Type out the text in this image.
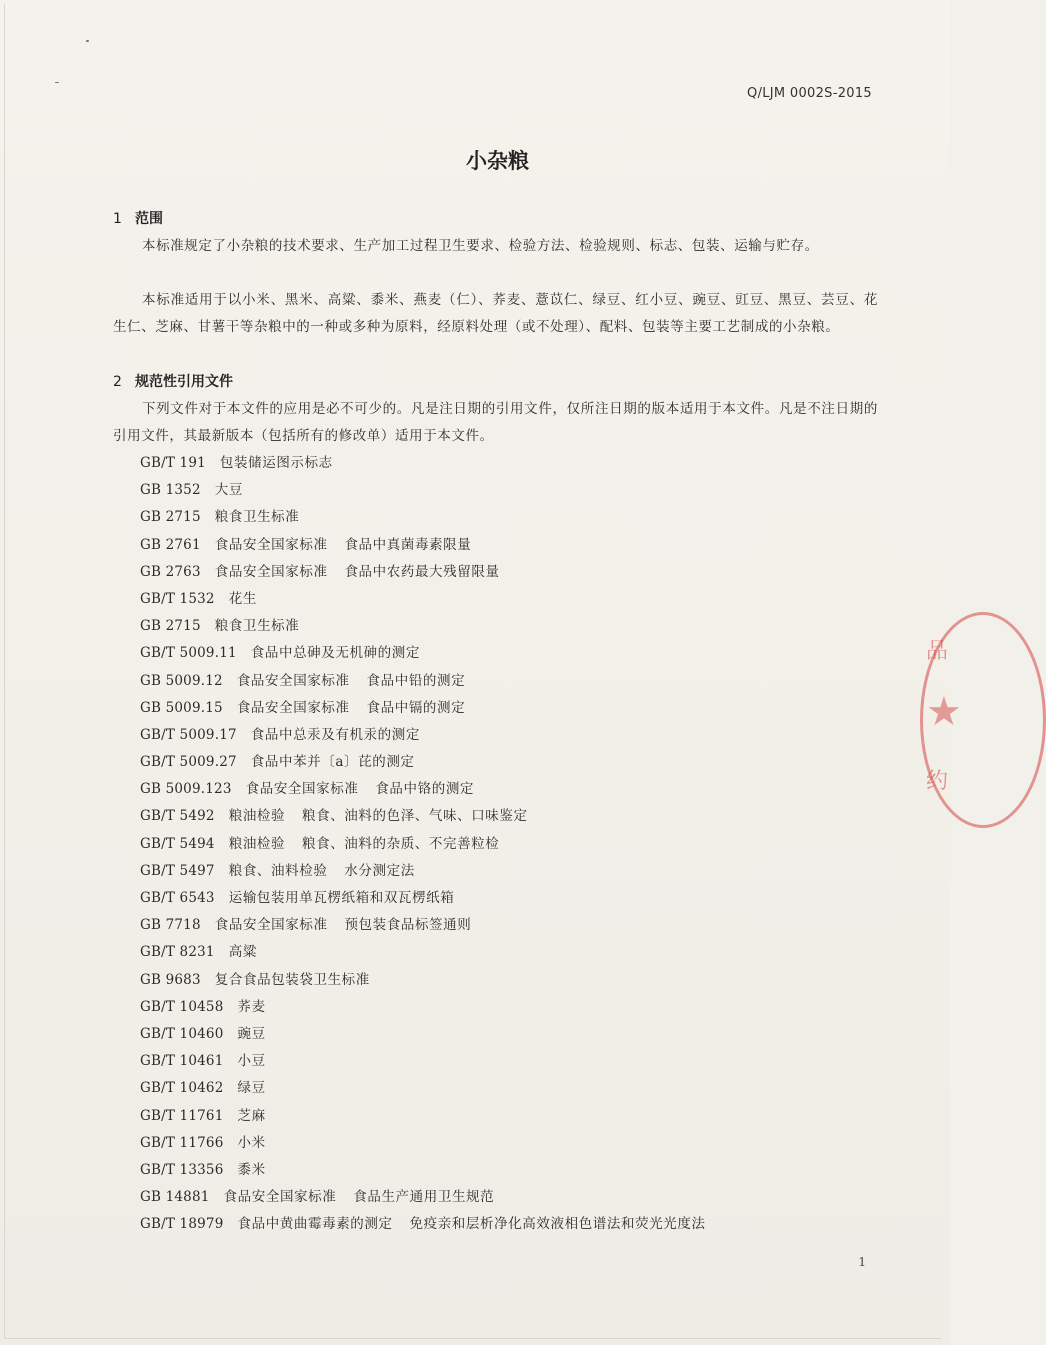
Q/LJM 0002S-2015
小杂粮
1 范围
本标准规定了小杂粮的技术要求、生产加工过程卫生要求、检验方法、检验规则、标志、包装、运输与贮存。
本标准适用于以小米、黑米、高粱、黍米、燕麦（仁）、荞麦、薏苡仁、绿豆、红小豆、豌豆、豇豆、黑豆、芸豆、花生仁、芝麻、甘薯干等杂粮中的一种或多种为原料，经原料处理（或不处理）、配料、包装等主要工艺制成的小杂粮。
2 规范性引用文件
下列文件对于本文件的应用是必不可少的。凡是注日期的引用文件，仅所注日期的版本适用于本文件。凡是不注日期的引用文件，其最新版本（包括所有的修改单）适用于本文件。
GB/T 191 包装储运图示标志
GB 1352 大豆
GB 2715 粮食卫生标准
GB 2761 食品安全国家标准 食品中真菌毒素限量
GB 2763 食品安全国家标准 食品中农药最大残留限量
GB/T 1532 花生
GB 2715 粮食卫生标准
GB/T 5009.11 食品中总砷及无机砷的测定
GB 5009.12 食品安全国家标准 食品中铅的测定
GB 5009.15 食品安全国家标准 食品中镉的测定
GB/T 5009.17 食品中总汞及有机汞的测定
GB/T 5009.27 食品中苯并〔a〕芘的测定
GB 5009.123 食品安全国家标准 食品中铬的测定
GB/T 5492 粮油检验 粮食、油料的色泽、气味、口味鉴定
GB/T 5494 粮油检验 粮食、油料的杂质、不完善粒检
GB/T 5497 粮食、油料检验 水分测定法
GB/T 6543 运输包装用单瓦楞纸箱和双瓦楞纸箱
GB 7718 食品安全国家标准 预包装食品标签通则
GB/T 8231 高粱
GB 9683 复合食品包装袋卫生标准
GB/T 10458 荞麦
GB/T 10460 豌豆
GB/T 10461 小豆
GB/T 10462 绿豆
GB/T 11761 芝麻
GB/T 11766 小米
GB/T 13356 黍米
GB 14881 食品安全国家标准 食品生产通用卫生规范
GB/T 18979 食品中黄曲霉毒素的测定 免疫亲和层析净化高效液相色谱法和荧光光度法
1
品
★
约
